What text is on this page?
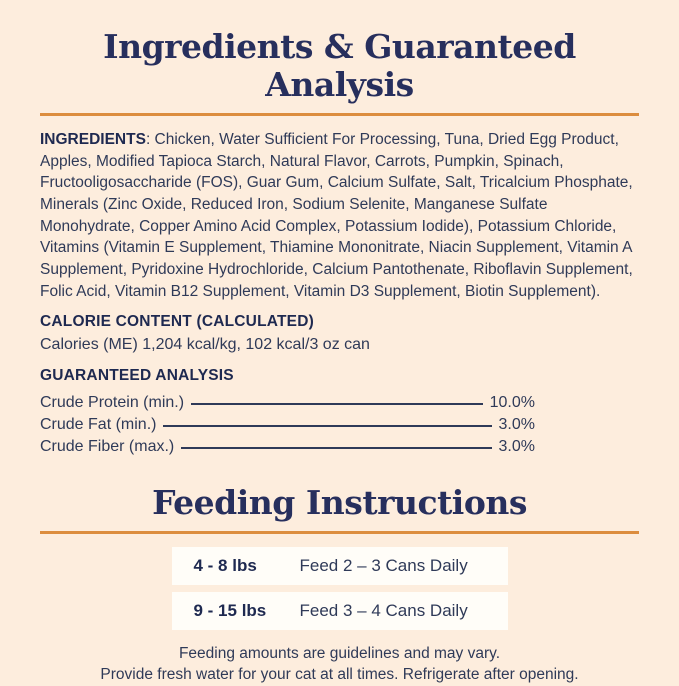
Ingredients & Guaranteed Analysis

INGREDIENTS: Chicken, Water Sufficient For Processing, Tuna, Dried Egg Product, Apples, Modified Tapioca Starch, Natural Flavor, Carrots, Pumpkin, Spinach, Fructooligosaccharide (FOS), Guar Gum, Calcium Sulfate, Salt, Tricalcium Phosphate, Minerals (Zinc Oxide, Reduced Iron, Sodium Selenite, Manganese Sulfate Monohydrate, Copper Amino Acid Complex, Potassium Iodide), Potassium Chloride, Vitamins (Vitamin E Supplement, Thiamine Mononitrate, Niacin Supplement, Vitamin A Supplement, Pyridoxine Hydrochloride, Calcium Pantothenate, Riboflavin Supplement, Folic Acid, Vitamin B12 Supplement, Vitamin D3 Supplement, Biotin Supplement).

CALORIE CONTENT (CALCULATED)

Calories (ME) 1,204 kcal/kg, 102 kcal/3 oz can

GUARANTEED ANALYSIS

Crude Protein (min.)	10.0%
Crude Fat (min.)	3.0%
Crude Fiber (max.)	3.0%
Feeding Instructions
4 - 8 lbs	Feed 2 – 3 Cans Daily
9 - 15 lbs	Feed 3 – 4 Cans Daily

Feeding amounts are guidelines and may vary.

Provide fresh water for your cat at all times. Refrigerate after opening.
